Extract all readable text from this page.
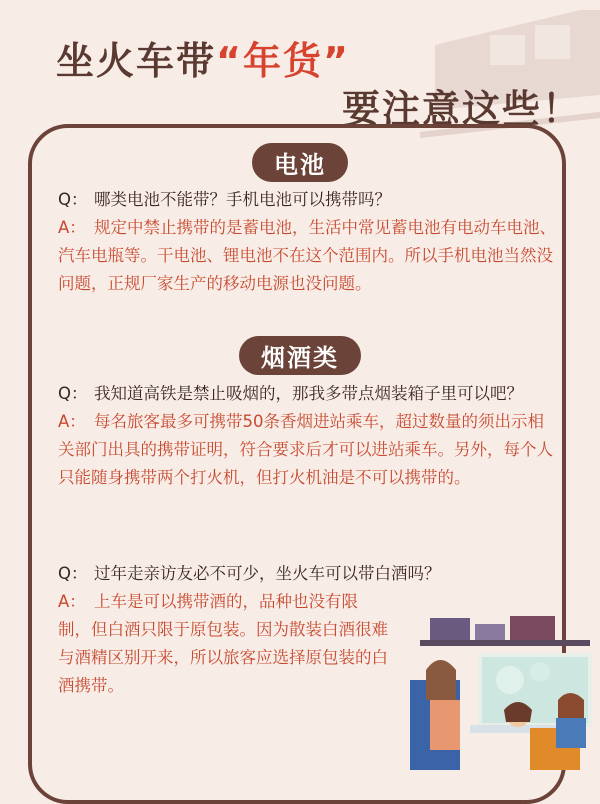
坐火车带“年货”
要注意这些！
电池
Q： 哪类电池不能带？手机电池可以携带吗？
A： 规定中禁止携带的是蓄电池，生活中常见蓄电池有电动车电池、汽车电瓶等。干电池、锂电池不在这个范围内。所以手机电池当然没问题，正规厂家生产的移动电源也没问题。
烟酒类
Q： 我知道高铁是禁止吸烟的，那我多带点烟装箱子里可以吧？
A： 每名旅客最多可携带50条香烟进站乘车，超过数量的须出示相关部门出具的携带证明，符合要求后才可以进站乘车。另外，每个人只能随身携带两个打火机，但打火机油是不可以携带的。
Q： 过年走亲访友必不可少，坐火车可以带白酒吗？
A： 上车是可以携带酒的，品种也没有限制，但白酒只限于原包装。因为散装白酒很难与酒精区别开来，所以旅客应选择原包装的白酒携带。
